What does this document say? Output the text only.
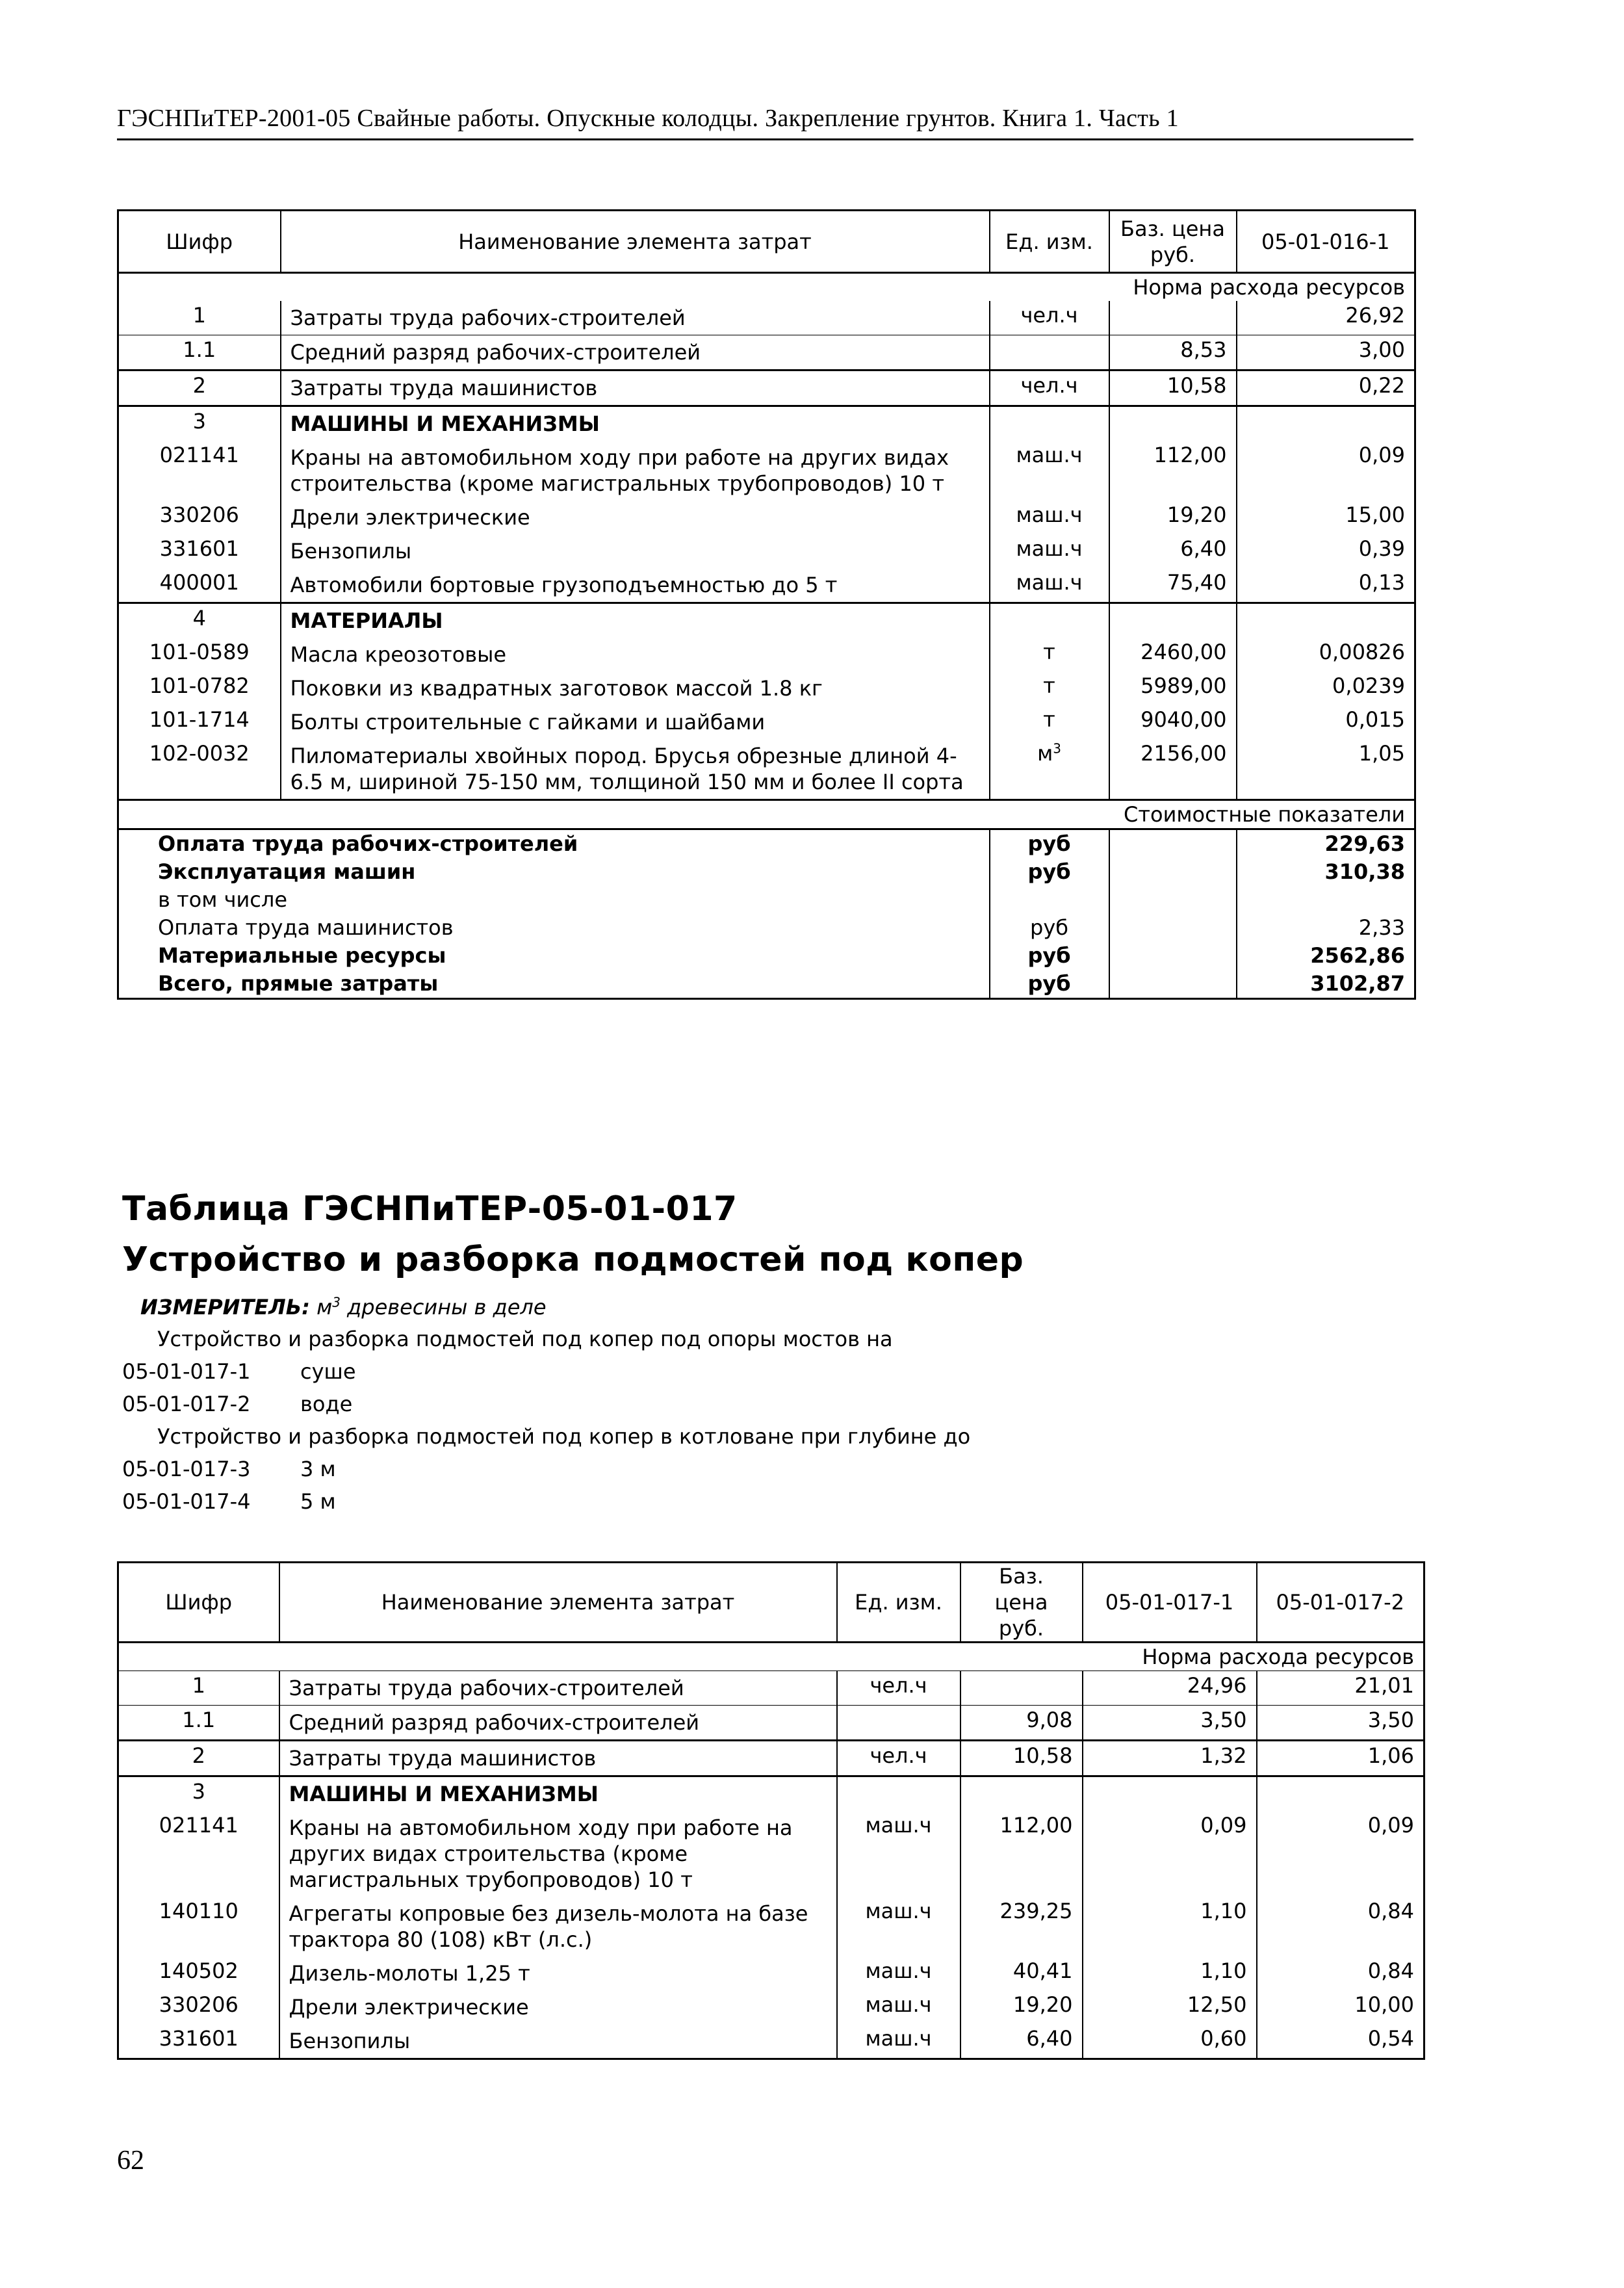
ГЭСНПиТЕР-2001-05 Свайные работы. Опускные колодцы. Закрепление грунтов. Книга 1. Часть 1
Шифр	Наименование элемента затрат	Ед. изм.	Баз. цена руб.	05-01-016-1
Норма расхода ресурсов				
1	Затраты труда рабочих-строителей	чел.ч		26,92
1.1	Средний разряд рабочих-строителей		8,53	3,00
2	Затраты труда машинистов	чел.ч	10,58	0,22
3	МАШИНЫ И МЕХАНИЗМЫ			
021141	Краны на автомобильном ходу при работе на других видах строительства (кроме магистральных трубопроводов) 10 т	маш.ч	112,00	0,09
330206	Дрели электрические	маш.ч	19,20	15,00
331601	Бензопилы	маш.ч	6,40	0,39
400001	Автомобили бортовые грузоподъемностью до 5 т	маш.ч	75,40	0,13
4	МАТЕРИАЛЫ			
101-0589	Масла креозотовые	т	2460,00	0,00826
101-0782	Поковки из квадратных заготовок массой 1.8 кг	т	5989,00	0,0239
101-1714	Болты строительные с гайками и шайбами	т	9040,00	0,015
102-0032	Пиломатериалы хвойных пород. Брусья обрезные длиной 4-6.5 м, шириной 75-150 мм, толщиной 150 мм и более II сорта	$м^3$	2156,00	1,05
Стоимостные показатели				
Оплата труда рабочих-строителей		руб		229,63
Эксплуатация машин		руб		310,38
в том числе				
Оплата труда машинистов		руб		2,33
Материальные ресурсы		руб		2562,86
Всего, прямые затраты		руб		3102,87
Таблица ГЭСНПиТЕР-05-01-017
Устройство и разборка подмостей под копер
ИЗМЕРИТЕЛЬ: $м^3$ древесины в деле
Устройство и разборка подмостей под копер под опоры мостов на
05-01-017-1 суше
05-01-017-2 воде
Устройство и разборка подмостей под копер в котловане при глубине до
05-01-017-3 3 м
05-01-017-4 5 м
Шифр	Наименование элемента затрат	Ед. изм.	Баз. цена руб.	05-01-017-1	05-01-017-2
Норма расхода ресурсов					
1	Затраты труда рабочих-строителей	чел.ч		24,96	21,01
1.1	Средний разряд рабочих-строителей		9,08	3,50	3,50
2	Затраты труда машинистов	чел.ч	10,58	1,32	1,06
3	МАШИНЫ И МЕХАНИЗМЫ				
021141	Краны на автомобильном ходу при работе на других видах строительства (кроме магистральных трубопроводов) 10 т	маш.ч	112,00	0,09	0,09
140110	Агрегаты копровые без дизель-молота на базе трактора 80 (108) кВт (л.с.)	маш.ч	239,25	1,10	0,84
140502	Дизель-молоты 1,25 т	маш.ч	40,41	1,10	0,84
330206	Дрели электрические	маш.ч	19,20	12,50	10,00
331601	Бензопилы	маш.ч	6,40	0,60	0,54
62
